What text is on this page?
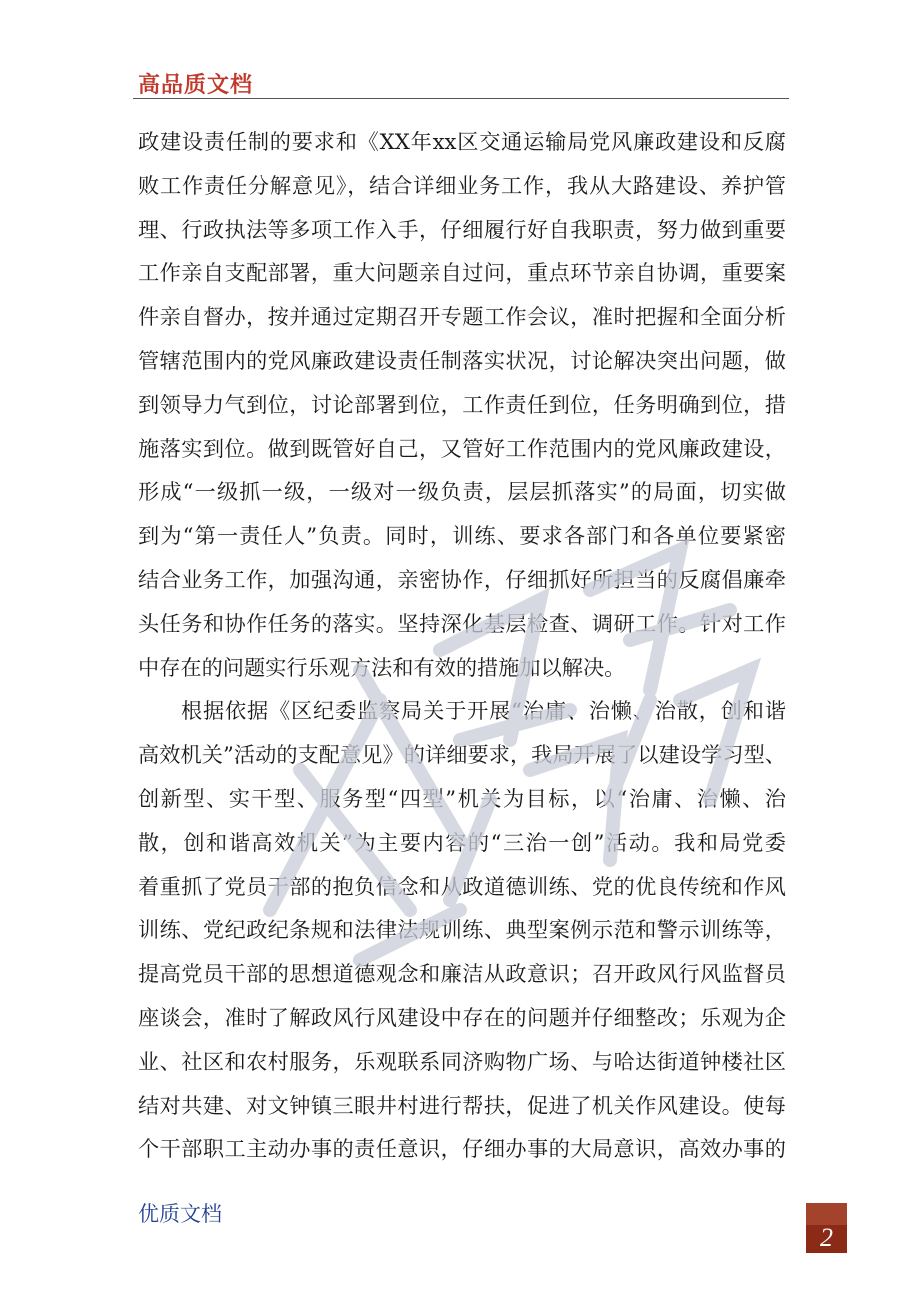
高品质文档
政建设责任制的要求和《XX年xx区交通运输局党风廉政建设和反腐
败工作责任分解意见》，结合详细业务工作，我从大路建设、养护管
理、行政执法等多项工作入手，仔细履行好自我职责，努力做到重要
工作亲自支配部署，重大问题亲自过问，重点环节亲自协调，重要案
件亲自督办，按并通过定期召开专题工作会议，准时把握和全面分析
管辖范围内的党风廉政建设责任制落实状况，讨论解决突出问题，做
到领导力气到位，讨论部署到位，工作责任到位，任务明确到位，措
施落实到位。做到既管好自己，又管好工作范围内的党风廉政建设，
形成“一级抓一级，一级对一级负责，层层抓落实”的局面，切实做
到为“第一责任人”负责。同时，训练、要求各部门和各单位要紧密
结合业务工作，加强沟通，亲密协作，仔细抓好所担当的反腐倡廉牵
头任务和协作任务的落实。坚持深化基层检查、调研工作。针对工作
中存在的问题实行乐观方法和有效的措施加以解决。
根据依据《区纪委监察局关于开展“治庸、治懒、治散，创和谐
高效机关”活动的支配意见》的详细要求，我局开展了以建设学习型、
创新型、实干型、服务型“四型”机关为目标，以“治庸、治懒、治
散，创和谐高效机关”为主要内容的“三治一创”活动。我和局党委
着重抓了党员干部的抱负信念和从政道德训练、党的优良传统和作风
训练、党纪政纪条规和法律法规训练、典型案例示范和警示训练等，
提高党员干部的思想道德观念和廉洁从政意识；召开政风行风监督员
座谈会，准时了解政风行风建设中存在的问题并仔细整改；乐观为企
业、社区和农村服务，乐观联系同济购物广场、与哈达街道钟楼社区
结对共建、对文钟镇三眼井村进行帮扶，促进了机关作风建设。使每
个干部职工主动办事的责任意识，仔细办事的大局意识，高效办事的
优质文档
2
